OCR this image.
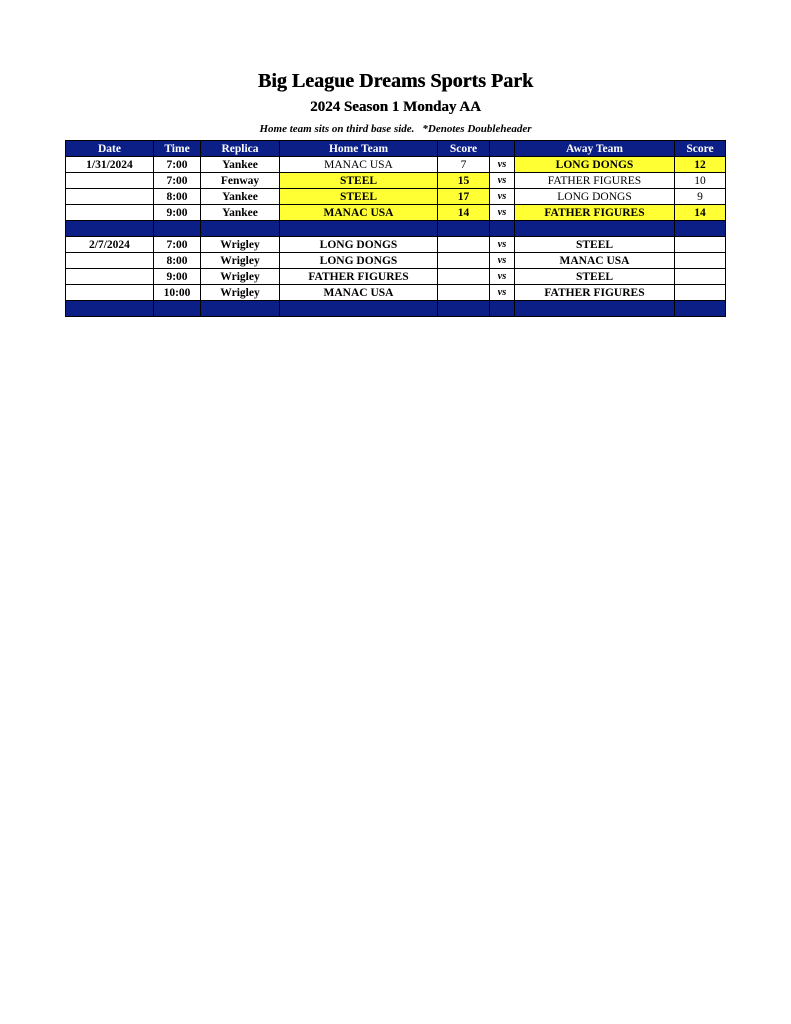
Big League Dreams Sports Park
2024 Season 1 Monday AA
Home team sits on third base side. *Denotes Doubleheader
Date	Time	Replica	Home Team	Score		Away Team	Score
1/31/2024	7:00	Yankee	MANAC USA	7	vs	LONG DONGS	12
	7:00	Fenway	STEEL	15	vs	FATHER FIGURES	10
	8:00	Yankee	STEEL	17	vs	LONG DONGS	9
	9:00	Yankee	MANAC USA	14	vs	FATHER FIGURES	14

2/7/2024	7:00	Wrigley	LONG DONGS		vs	STEEL	
	8:00	Wrigley	LONG DONGS		vs	MANAC USA	
	9:00	Wrigley	FATHER FIGURES		vs	STEEL	
	10:00	Wrigley	MANAC USA		vs	FATHER FIGURES	
